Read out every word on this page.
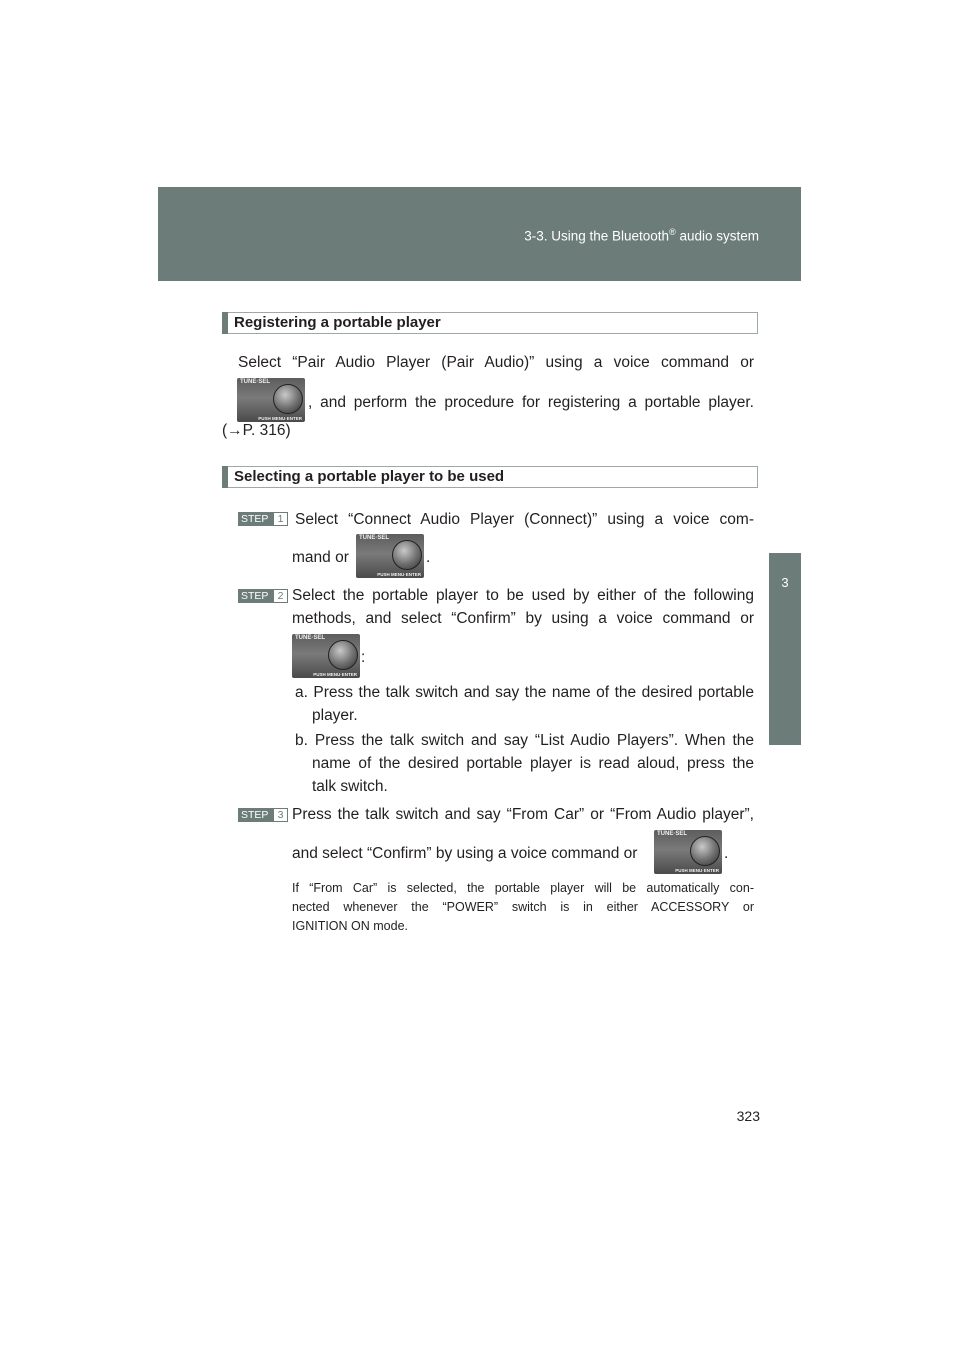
3-3. Using the Bluetooth® audio system
3
Interior features
Registering a portable player
Select “Pair Audio Player (Pair Audio)” using a voice command or
TUNE·SEL
PUSH MENU·ENTER
, and perform the procedure for registering a portable player.
(→P. 316)
Selecting a portable player to be used
STEP 1 Select “Connect Audio Player (Connect)” using a voice com-
mand or
TUNE·SEL
PUSH MENU·ENTER
.
STEP 2 Select the portable player to be used by either of the following
methods, and select “Confirm” by using a voice command or
TUNE·SEL
PUSH MENU·ENTER
:
a. Press the talk switch and say the name of the desired portable
player.
b. Press the talk switch and say “List Audio Players”. When the
name of the desired portable player is read aloud, press the
talk switch.
STEP 3 Press the talk switch and say “From Car” or “From Audio player”,
and select “Confirm” by using a voice command or
TUNE·SEL
PUSH MENU·ENTER
.
If “From Car” is selected, the portable player will be automatically con-
nected whenever the “POWER” switch is in either ACCESSORY or
IGNITION ON mode.
323
